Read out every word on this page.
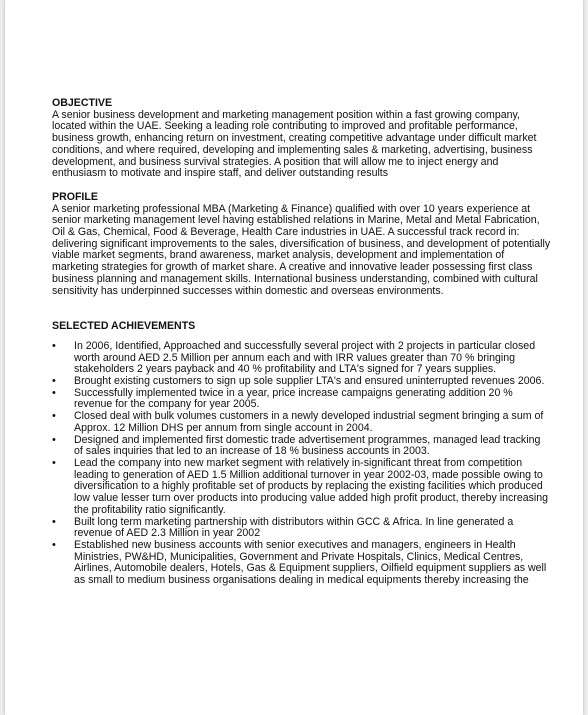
OBJECTIVE

A senior business development and marketing management position within a fast growing company, located within the UAE. Seeking a leading role contributing to improved and profitable performance, business growth, enhancing return on investment, creating competitive advantage under difficult market conditions, and where required, developing and implementing sales & marketing, advertising, business development, and business survival strategies. A position that will allow me to inject energy and enthusiasm to motivate and inspire staff, and deliver outstanding results

PROFILE

A senior marketing professional MBA (Marketing & Finance) qualified with over 10 years experience at senior marketing management level having established relations in Marine, Metal and Metal Fabrication, Oil & Gas, Chemical, Food & Beverage, Health Care industries in UAE. A successful track record in: delivering significant improvements to the sales, diversification of business, and development of potentially viable market segments, brand awareness, market analysis, development and implementation of marketing strategies for growth of market share. A creative and innovative leader possessing first class business planning and management skills. International business understanding, combined with cultural sensitivity has underpinned successes within domestic and overseas environments.

SELECTED ACHIEVEMENTS

• In 2006, Identified, Approached and successfully several project with 2 projects in particular closed worth around AED 2.5 Million per annum each and with IRR values greater than 70 % bringing stakeholders 2 years payback and 40 % profitability and LTA's signed for 7 years supplies.
• Brought existing customers to sign up sole supplier LTA's and ensured uninterrupted revenues 2006.
• Successfully implemented twice in a year, price increase campaigns generating addition 20 % revenue for the company for year 2005.
• Closed deal with bulk volumes customers in a newly developed industrial segment bringing a sum of Approx. 12 Million DHS per annum from single account in 2004.
• Designed and implemented first domestic trade advertisement programmes, managed lead tracking of sales inquiries that led to an increase of 18 % business accounts in 2003.
• Lead the company into new market segment with relatively in-significant threat from competition leading to generation of AED 1.5 Million additional turnover in year 2002-03, made possible owing to diversification to a highly profitable set of products by replacing the existing facilities which produced low value lesser turn over products into producing value added high profit product, thereby increasing the profitability ratio significantly.
• Built long term marketing partnership with distributors within GCC & Africa. In line generated a revenue of AED 2.3 Million in year 2002
• Established new business accounts with senior executives and managers, engineers in Health Ministries, PW&HD, Municipalities, Government and Private Hospitals, Clinics, Medical Centres, Airlines, Automobile dealers, Hotels, Gas & Equipment suppliers, Oilfield equipment suppliers as well as small to medium business organisations dealing in medical equipments thereby increasing the
